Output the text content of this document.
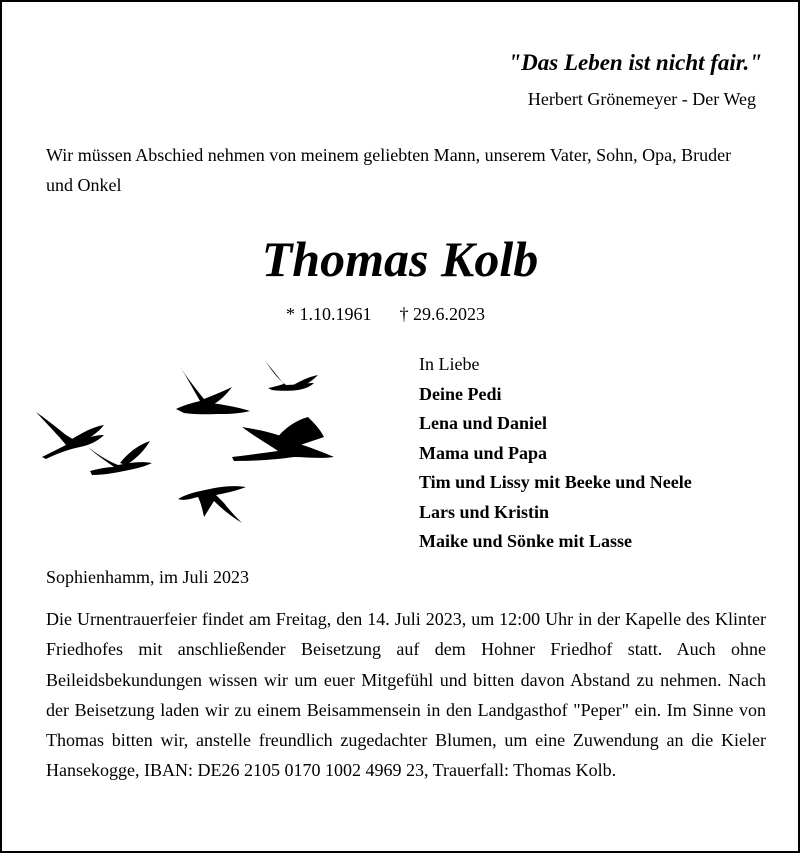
"Das Leben ist nicht fair."
Herbert Grönemeyer - Der Weg
Wir müssen Abschied nehmen von meinem geliebten Mann, unserem Vater, Sohn, Opa, Bruder und Onkel
Thomas Kolb
* 1.10.1961 † 29.6.2023
In Liebe
Deine Pedi
Lena und Daniel
Mama und Papa
Tim und Lissy mit Beeke und Neele
Lars und Kristin
Maike und Sönke mit Lasse
Sophienhamm, im Juli 2023
Die Urnentrauerfeier findet am Freitag, den 14. Juli 2023, um 12:00 Uhr in der Kapelle des Klinter Friedhofes mit anschließender Beisetzung auf dem Hohner Friedhof statt. Auch ohne Beileidsbekundungen wissen wir um euer Mitgefühl und bitten davon Abstand zu nehmen. Nach der Beisetzung laden wir zu einem Beisammensein in den Landgasthof "Peper" ein. Im Sinne von Thomas bitten wir, anstelle freundlich zugedachter Blumen, um eine Zuwendung an die Kieler Hansekogge, IBAN: DE26 2105 0170 1002 4969 23, Trauerfall: Thomas Kolb.
